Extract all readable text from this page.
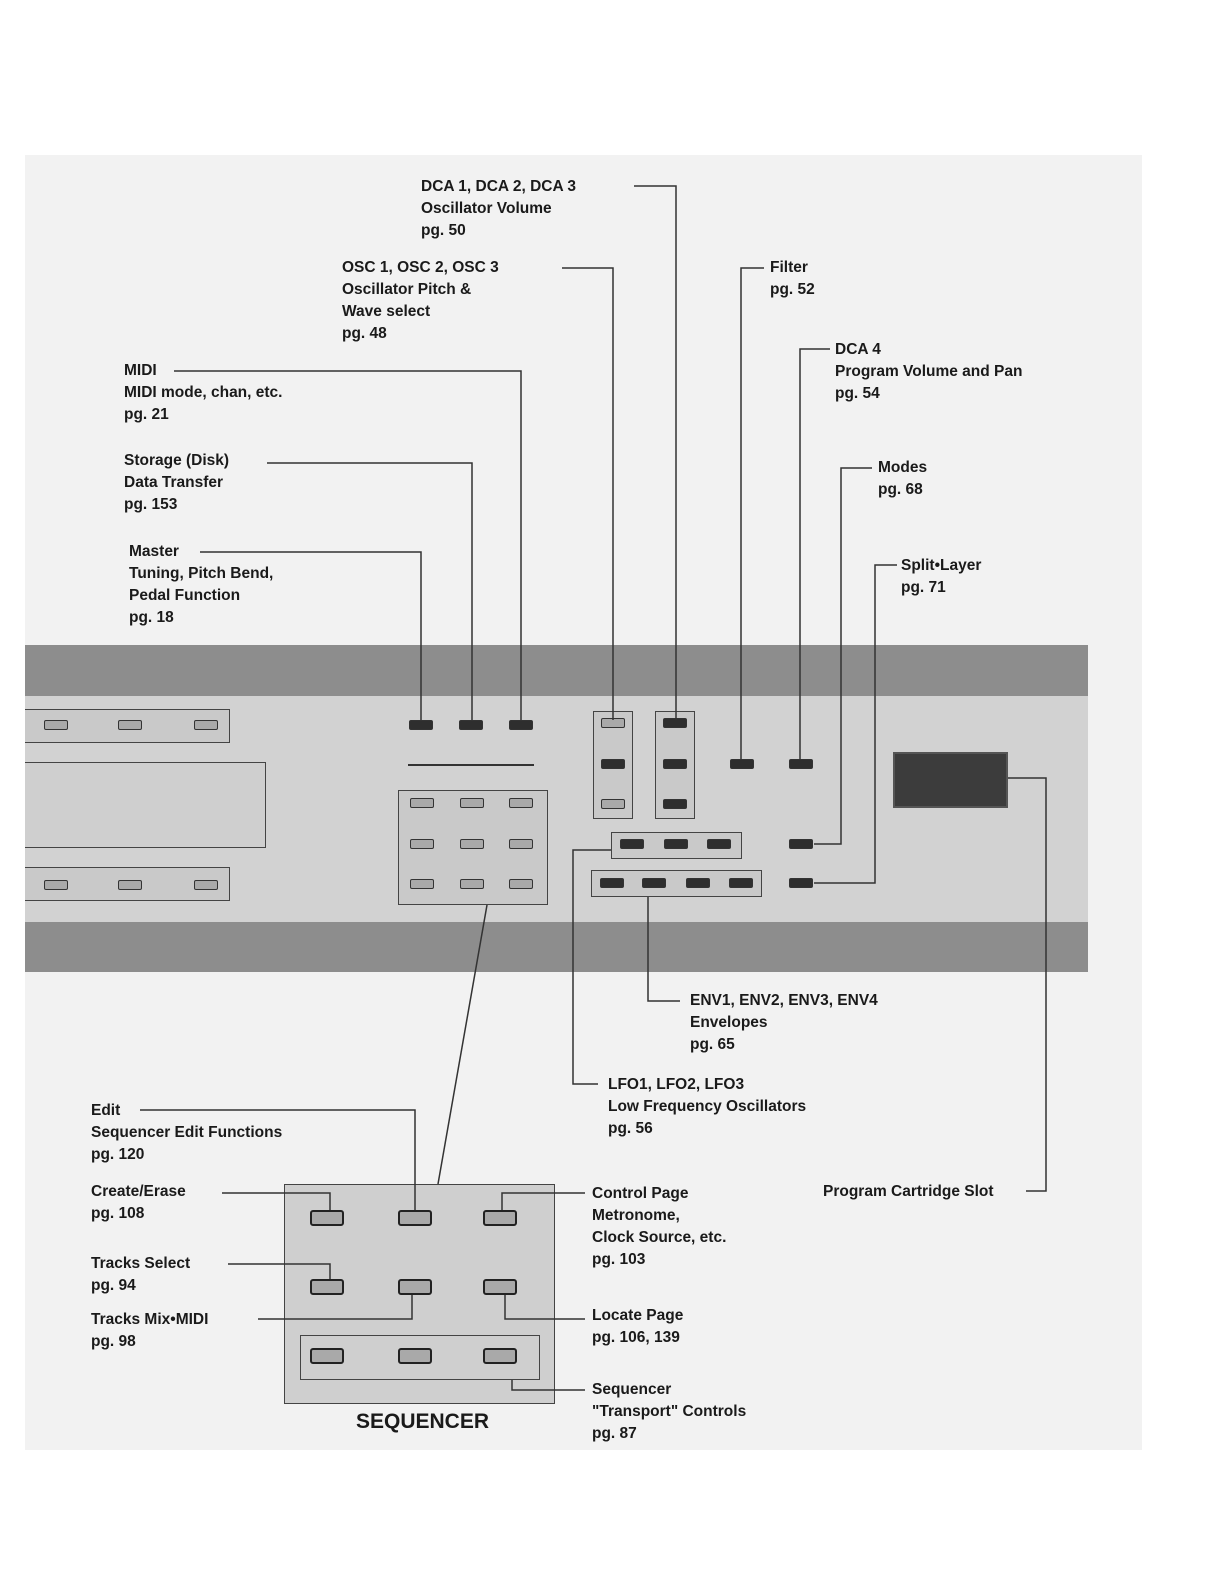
SEQUENCER
DCA 1, DCA 2, DCA 3
Oscillator Volume
pg. 50
OSC 1, OSC 2, OSC 3
Oscillator Pitch &
Wave select
pg. 48
Filter
pg. 52
DCA 4
Program Volume and Pan
pg. 54
MIDI
MIDI mode, chan, etc.
pg. 21
Storage (Disk)
Data Transfer
pg. 153
Modes
pg. 68
Master
Tuning, Pitch Bend,
Pedal Function
pg. 18
Split•Layer
pg. 71
ENV1, ENV2, ENV3, ENV4
Envelopes
pg. 65
LFO1, LFO2, LFO3
Low Frequency Oscillators
pg. 56
Edit
Sequencer Edit Functions
pg. 120
Create/Erase
pg. 108
Control Page
Metronome,
Clock Source, etc.
pg. 103
Program Cartridge Slot
Tracks Select
pg. 94
Tracks Mix•MIDI
pg. 98
Locate Page
pg. 106, 139
Sequencer
"Transport" Controls
pg. 87
